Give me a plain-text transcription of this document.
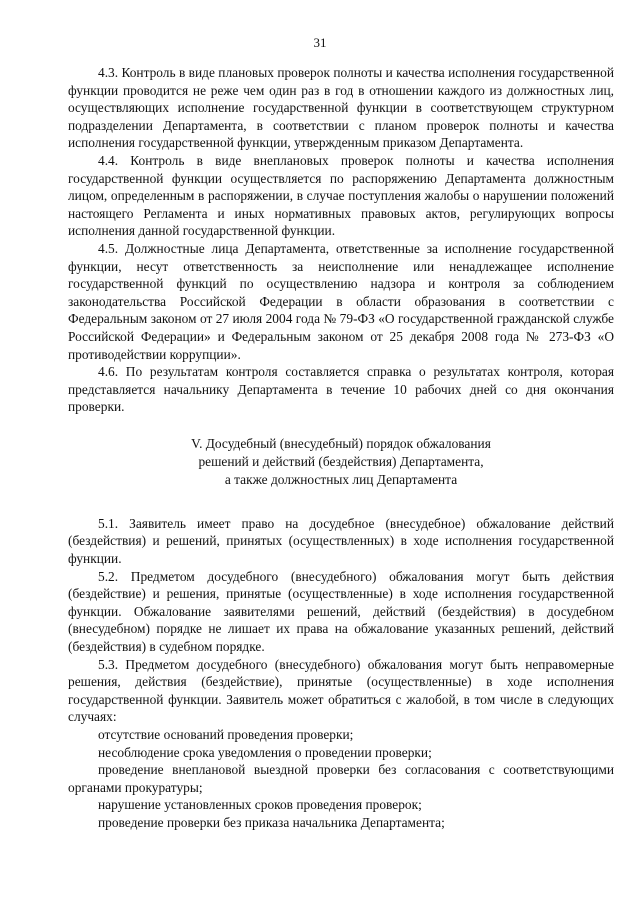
31

4.3. Контроль в виде плановых проверок полноты и качества исполнения государственной функции проводится не реже чем один раз в год в отношении каждого из должностных лиц, осуществляющих исполнение государственной функции в соответствующем структурном подразделении Департамента, в соответствии с планом проверок полноты и качества исполнения государственной функции, утвержденным приказом Департамента.

4.4. Контроль в виде внеплановых проверок полноты и качества исполнения государственной функции осуществляется по распоряжению Департамента должностным лицом, определенным в распоряжении, в случае поступления жалобы о нарушении положений настоящего Регламента и иных нормативных правовых актов, регулирующих вопросы исполнения данной государственной функции.

4.5. Должностные лица Департамента, ответственные за исполнение государственной функции, несут ответственность за неисполнение или ненадлежащее исполнение государственной функций по осуществлению надзора и контроля за соблюдением законодательства Российской Федерации в области образования в соответствии с Федеральным законом от 27 июля 2004 года № 79-ФЗ «О государственной гражданской службе Российской Федерации» и Федеральным законом от 25 декабря 2008 года № 273-ФЗ «О противодействии коррупции».

4.6. По результатам контроля составляется справка о результатах контроля, которая представляется начальнику Департамента в течение 10 рабочих дней со дня окончания проверки.

V. Досудебный (внесудебный) порядок обжалования
решений и действий (бездействия) Департамента,
а также должностных лиц Департамента

5.1. Заявитель имеет право на досудебное (внесудебное) обжалование действий (бездействия) и решений, принятых (осуществленных) в ходе исполнения государственной функции.

5.2. Предметом досудебного (внесудебного) обжалования могут быть действия (бездействие) и решения, принятые (осуществленные) в ходе исполнения государственной функции. Обжалование заявителями решений, действий (бездействия) в досудебном (внесудебном) порядке не лишает их права на обжалование указанных решений, действий (бездействия) в судебном порядке.

5.3. Предметом досудебного (внесудебного) обжалования могут быть неправомерные решения, действия (бездействие), принятые (осуществленные) в ходе исполнения государственной функции. Заявитель может обратиться с жалобой, в том числе в следующих случаях:

отсутствие оснований проведения проверки;

несоблюдение срока уведомления о проведении проверки;

проведение внеплановой выездной проверки без согласования с соответствующими органами прокуратуры;

нарушение установленных сроков проведения проверок;

проведение проверки без приказа начальника Департамента;
